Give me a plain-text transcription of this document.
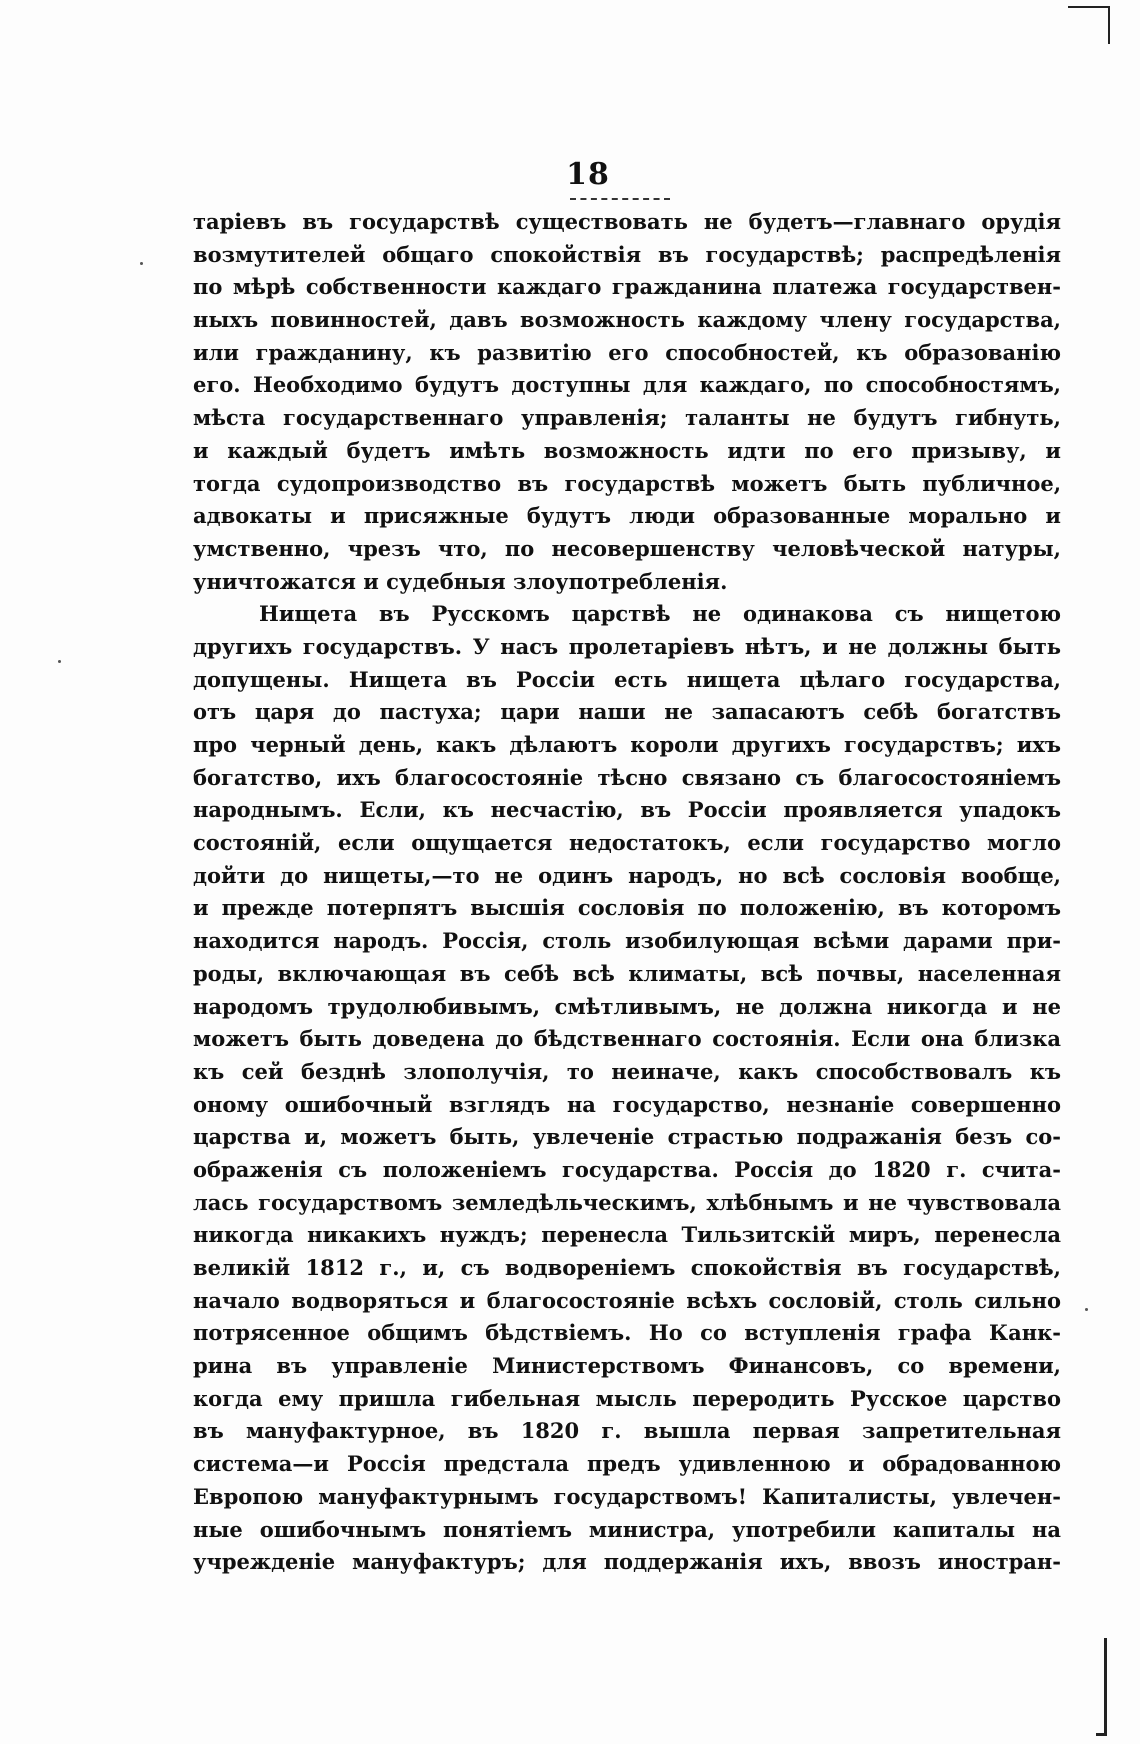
18

таріевъ въ государствѣ существовать не будетъ—главнаго орудія
возмутителей общаго спокойствія въ государствѣ; распредѣленія
по мѣрѣ собственности каждаго гражданина платежа государствен-
ныхъ повинностей, давъ возможность каждому члену государства,
или гражданину, къ развитію его способностей, къ образованію
его. Необходимо будутъ доступны для каждаго, по способностямъ,
мѣста государственнаго управленія; таланты не будутъ гибнуть,
и каждый будетъ имѣть возможность идти по его призыву, и
тогда судопроизводство въ государствѣ можетъ быть публичное,
адвокаты и присяжные будутъ люди образованные морально и
умственно, чрезъ что, по несовершенству человѣческой натуры,
уничтожатся и судебныя злоупотребленія.

Нищета въ Русскомъ царствѣ не одинакова съ нищетою
другихъ государствъ. У насъ пролетаріевъ нѣтъ, и не должны быть
допущены. Нищета въ Россіи есть нищета цѣлаго государства,
отъ царя до пастуха; цари наши не запасаютъ себѣ богатствъ
про черный день, какъ дѣлаютъ короли другихъ государствъ; ихъ
богатство, ихъ благосостояніе тѣсно связано съ благосостояніемъ
народнымъ. Если, къ несчастію, въ Россіи проявляется упадокъ
состояній, если ощущается недостатокъ, если государство могло
дойти до нищеты,—то не одинъ народъ, но всѣ сословія вообще,
и прежде потерпятъ высшія сословія по положенію, въ которомъ
находится народъ. Россія, столь изобилующая всѣми дарами при-
роды, включающая въ себѣ всѣ климаты, всѣ почвы, населенная
народомъ трудолюбивымъ, смѣтливымъ, не должна никогда и не
можетъ быть доведена до бѣдственнаго состоянія. Если она близка
къ сей безднѣ злополучія, то неиначе, какъ способствовалъ къ
оному ошибочный взглядъ на государство, незнаніе совершенно
царства и, можетъ быть, увлеченіе страстью подражанія безъ со-
ображенія съ положеніемъ государства. Россія до 1820 г. счита-
лась государствомъ земледѣльческимъ, хлѣбнымъ и не чувствовала
никогда никакихъ нуждъ; перенесла Тильзитскій миръ, перенесла
великій 1812 г., и, съ водвореніемъ спокойствія въ государствѣ,
начало водворяться и благосостояніе всѣхъ сословій, столь сильно
потрясенное общимъ бѣдствіемъ. Но со вступленія графа Канк-
рина въ управленіе Министерствомъ Финансовъ, со времени,
когда ему пришла гибельная мысль переродить Русское царство
въ мануфактурное, въ 1820 г. вышла первая запретительная
система—и Россія предстала предъ удивленною и обрадованною
Европою мануфактурнымъ государствомъ! Капиталисты, увлечен-
ные ошибочнымъ понятіемъ министра, употребили капиталы на
учрежденіе мануфактуръ; для поддержанія ихъ, ввозъ иностран-
